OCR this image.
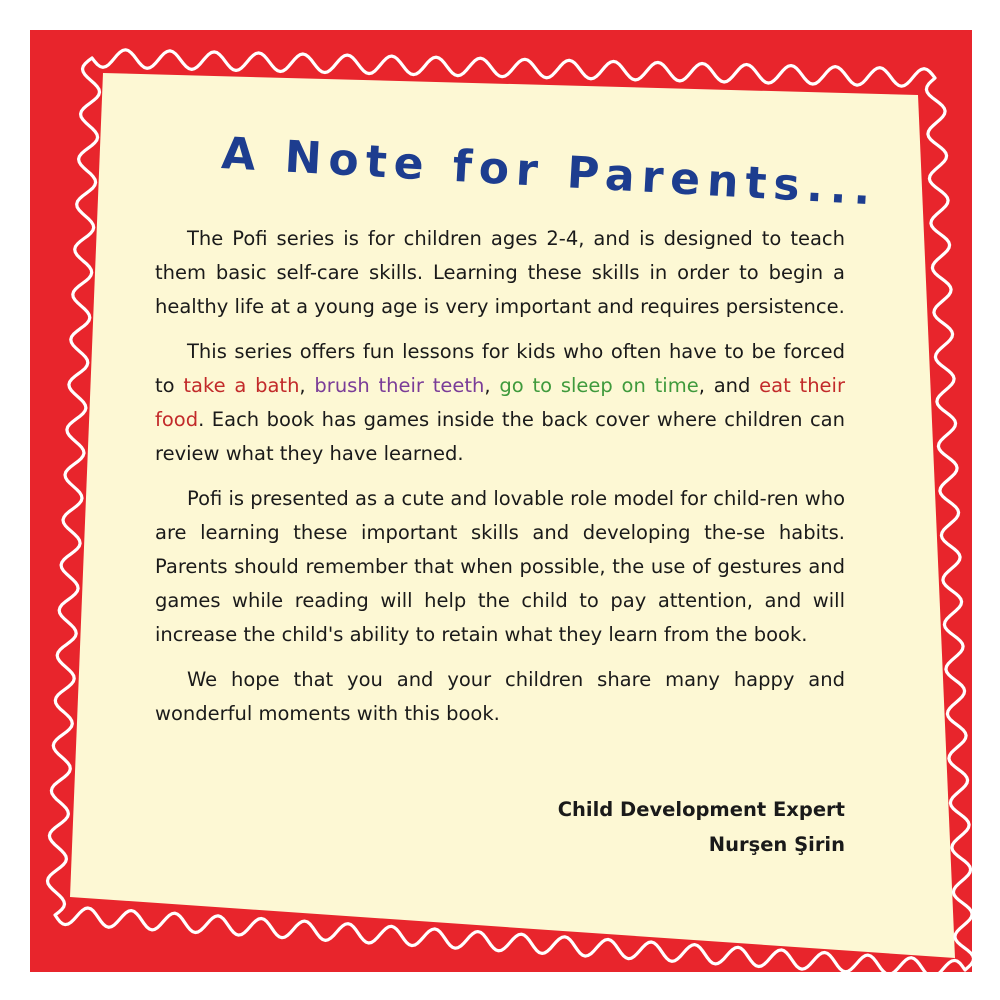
A Note for Parents...

The Pofi series is for children ages 2-4, and is designed to teach them basic self-care skills. Learning these skills in order to begin a healthy life at a young age is very important and requires persistence.

This series offers fun lessons for kids who often have to be forced to take a bath, brush their teeth, go to sleep on time, and eat their food. Each book has games inside the back cover where children can review what they have learned.

Pofi is presented as a cute and lovable role model for child-ren who are learning these important skills and developing the-se habits. Parents should remember that when possible, the use of gestures and games while reading will help the child to pay attention, and will increase the child's ability to retain what they learn from the book.

We hope that you and your children share many happy and wonderful moments with this book.

Child Development Expert
Nurşen Şirin
